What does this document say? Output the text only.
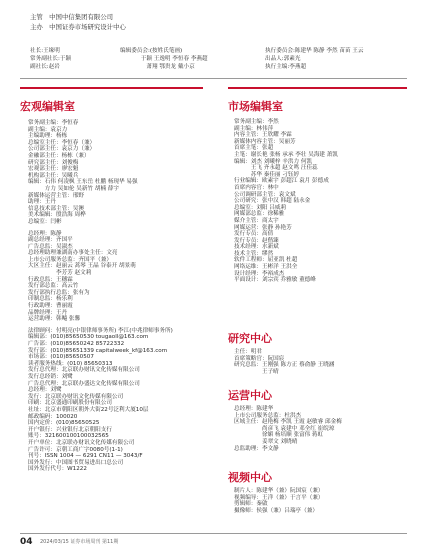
主管　中国中信集团有限公司
主办　中国证券市场研究设计中心
社长:王缘明
常务副社长:于颖
副社长:赵岩
编辑委员会:(按姓氏笔画)
　　　于颖 王逸明 李恒春 李燕超
　　　　萧翔 鄂贵龙 戴小京
执行委员会:陈建华 陈静 李然 苗苗 王云
出品人:郭素光
执行主编:李燕超
宏观编辑室
常务副主编：李恒春
副主编：袁京力
主编助理：杨栋
总编室主任：李恒春（兼）
公司部主任：袁京力（兼）
金融部主任：杨栋（兼）
研究部主任：刘俊梅
宏观部主任：廖宏魁
机构部主任：吴曦兵
编辑：石伟 何凌枫 王东岳 杜鹏 杨现华 易强
　　　方力 吴如伦 吴新竹 胡楠 薛宇
新媒体运营主管：邢野
助理：王丹
信息技术部主管：吴澳
美术编辑：殷浩海 周桦
总编室：闫彬
总经理：陈静
副总经理：齐国平
广告总监：吴淑杰
总经理助理兼湖南办事处主任：文亮
上市公司服务总监：齐国平（兼）
大区主任：赵丽云 蒿琴 王晶 谷泰开 胡景萌
　　　　　李芳芳 赵文莉
行政总监：王穗霖
发行部总监：高云竹
发行部执行总监：张有为
印制总监：杨乐利
行政助理：曹丽霞
品牌经理：王丹
运营助理：韩飚 张馨
法律顾问：付明亮(中银律师事务所) 李江(中兆律师事务所)
编辑部：(010)85650530 tougaoll@163.com
广告部：(010)85650242 85722332
发行部：(010)85651339 capitalweek_kf@163.com
市场部：(010)85650507
读者服务热线：(010) 85650313
发行总代理：北京联办财讯文化传媒有限公司
发行总经销：刘鹭
广告总代理：北京联办盛达文化传媒有限公司
总经理：刘鹭
发行：北京联办财讯文化传媒有限公司
印刷：北京盛通印刷股份有限公司
社址：北京市朝阳区朝外大街22号泛利大厦10层
邮政编码：100020
国内定价：(010)85650525
开户银行：兴业银行北京朝阳支行
账号：321600100100032565
开户单位：北京联办财讯文化传媒有限公司
广告许可：京朝工商广字0080号(1-1)
刊号：ISSN 1004 — 6291 CN11 — 3043/F
国外发行：中国图书贸易进出口总公司
国外发行代号：W1222
市场编辑室
常务副主编：李然
副主编：林伟萍
内容主管：王欣耀 李霖
新媒体内容主管：吴丽芳
首席主笔：张超
主笔：谢长艳 张杨 承承 李壮 吴海建 萧凯
编辑：刘杰 刘曦梓 辛洪力 何凯
　　　王飞 齐永超 赵文鸣 汪佳蕊
　　　苏华 秦佳丽 刁钰婷
行业编辑：欧素宇 彭超江 袁月 彭德成
首席内容官：林中
公司调研部主管：袁文斌
公司研究：张中汉 韩超 陆永金
总编室：刘阳 吕威莉
网媒部总监：徐稀雅
媒介主管：商太宇
网媒运营：张静 孙艳芳
发行专员：高倩
发行专员：赵偕臻
技术经理：水新斌
技术主管：缪然
软件工程师：屈亚凯 杜超
网络运维：王彬洋 王洪全
设计经理：李裕成杰
平面设计：刘宗宾 乔雅敏 董德峰
研究中心
主任：明君
首席策略官：阮国宸
研究总监：王刚强 陈方正 蔡俞静 王晓涵
　　　　　王子晴
运营中心
总经理：陈建华
上市公司服务总监：杜洪杰
区域主任：赵艳梅 李凯 王霞 赵敏睿 邱金梅
　　　　　尚彦飞 袁建中 邓全红 崔皖琼
　　　　　徐媚 杨培顺 张富伟 蒋虹
　　　　　姜翠文 刘晓晴
总监助理：李文静
视频中心
制片人：陈建华（兼）阮国宸（兼）
视频编导：王洋（兼）于言平（兼）
剪辑师：秦啟
摄像师：侯强（兼）吕瑞亭（兼）
04 2024/03/15 证券市场周刊 第11期
